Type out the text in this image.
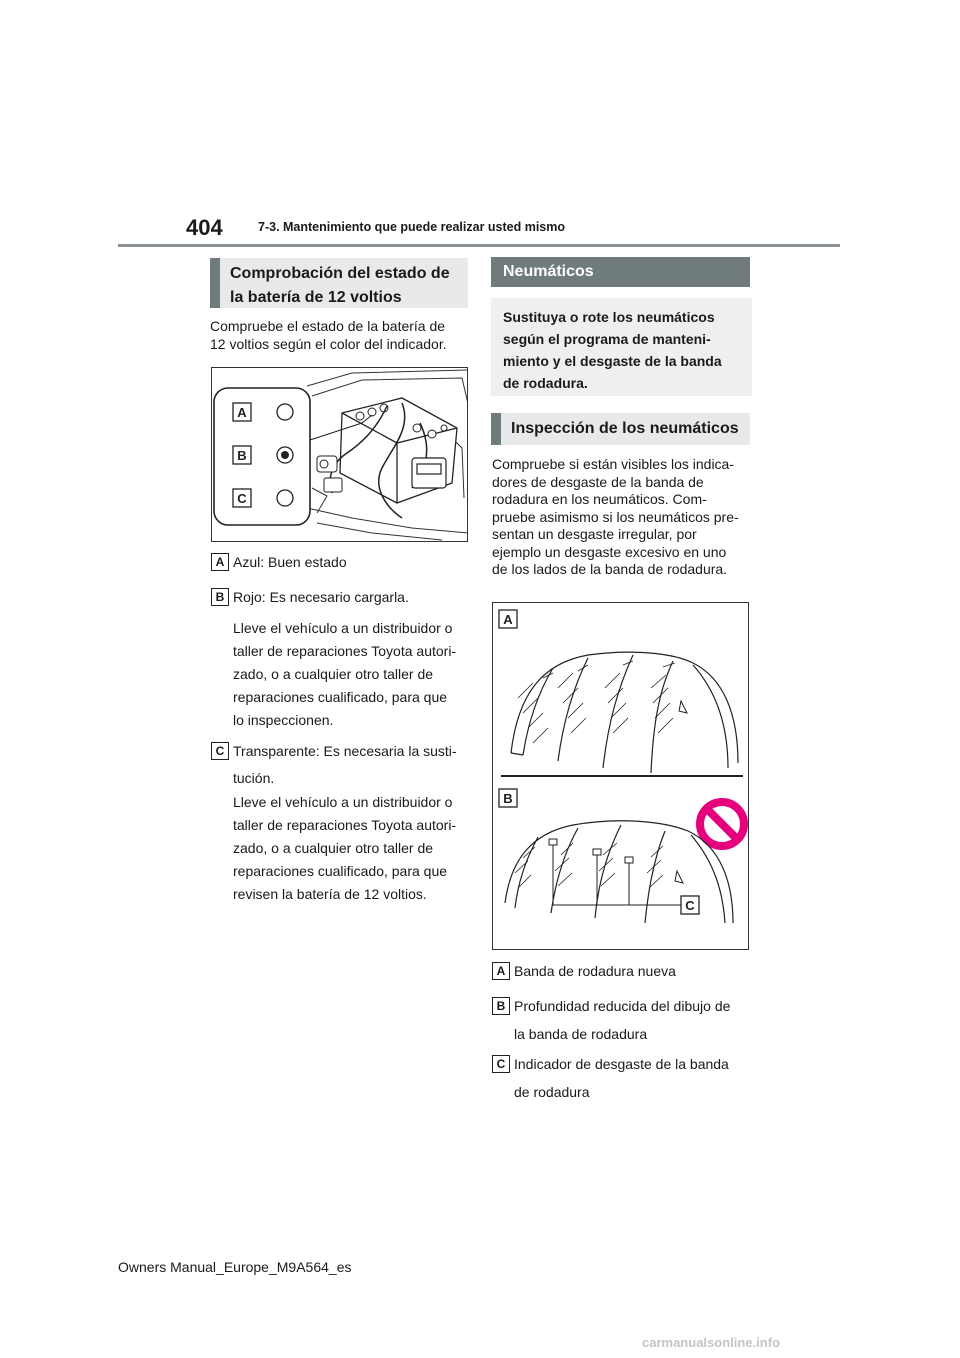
404	7-3. Mantenimiento que puede realizar usted mismo
Comprobación del estado de la batería de 12 voltios
Compruebe el estado de la batería de
12 voltios según el color del indicador.
A
B
C
A Azul: Buen estado
B Rojo: Es necesario cargarla.
Lleve el vehículo a un distribuidor o
taller de reparaciones Toyota autori-
zado, o a cualquier otro taller de
reparaciones cualificado, para que
lo inspeccionen.
C Transparente: Es necesaria la susti-
tución.
Lleve el vehículo a un distribuidor o
taller de reparaciones Toyota autori-
zado, o a cualquier otro taller de
reparaciones cualificado, para que
revisen la batería de 12 voltios.
Neumáticos
Sustituya o rote los neumáticos
según el programa de manteni-
miento y el desgaste de la banda
de rodadura.
Inspección de los neumáticos
Compruebe si están visibles los indica-
dores de desgaste de la banda de
rodadura en los neumáticos. Com-
pruebe asimismo si los neumáticos pre-
sentan un desgaste irregular, por
ejemplo un desgaste excesivo en uno
de los lados de la banda de rodadura.
A
B
C
A Banda de rodadura nueva
B Profundidad reducida del dibujo de
la banda de rodadura
C Indicador de desgaste de la banda
de rodadura
Owners Manual_Europe_M9A564_es
carmanualsonline.info
